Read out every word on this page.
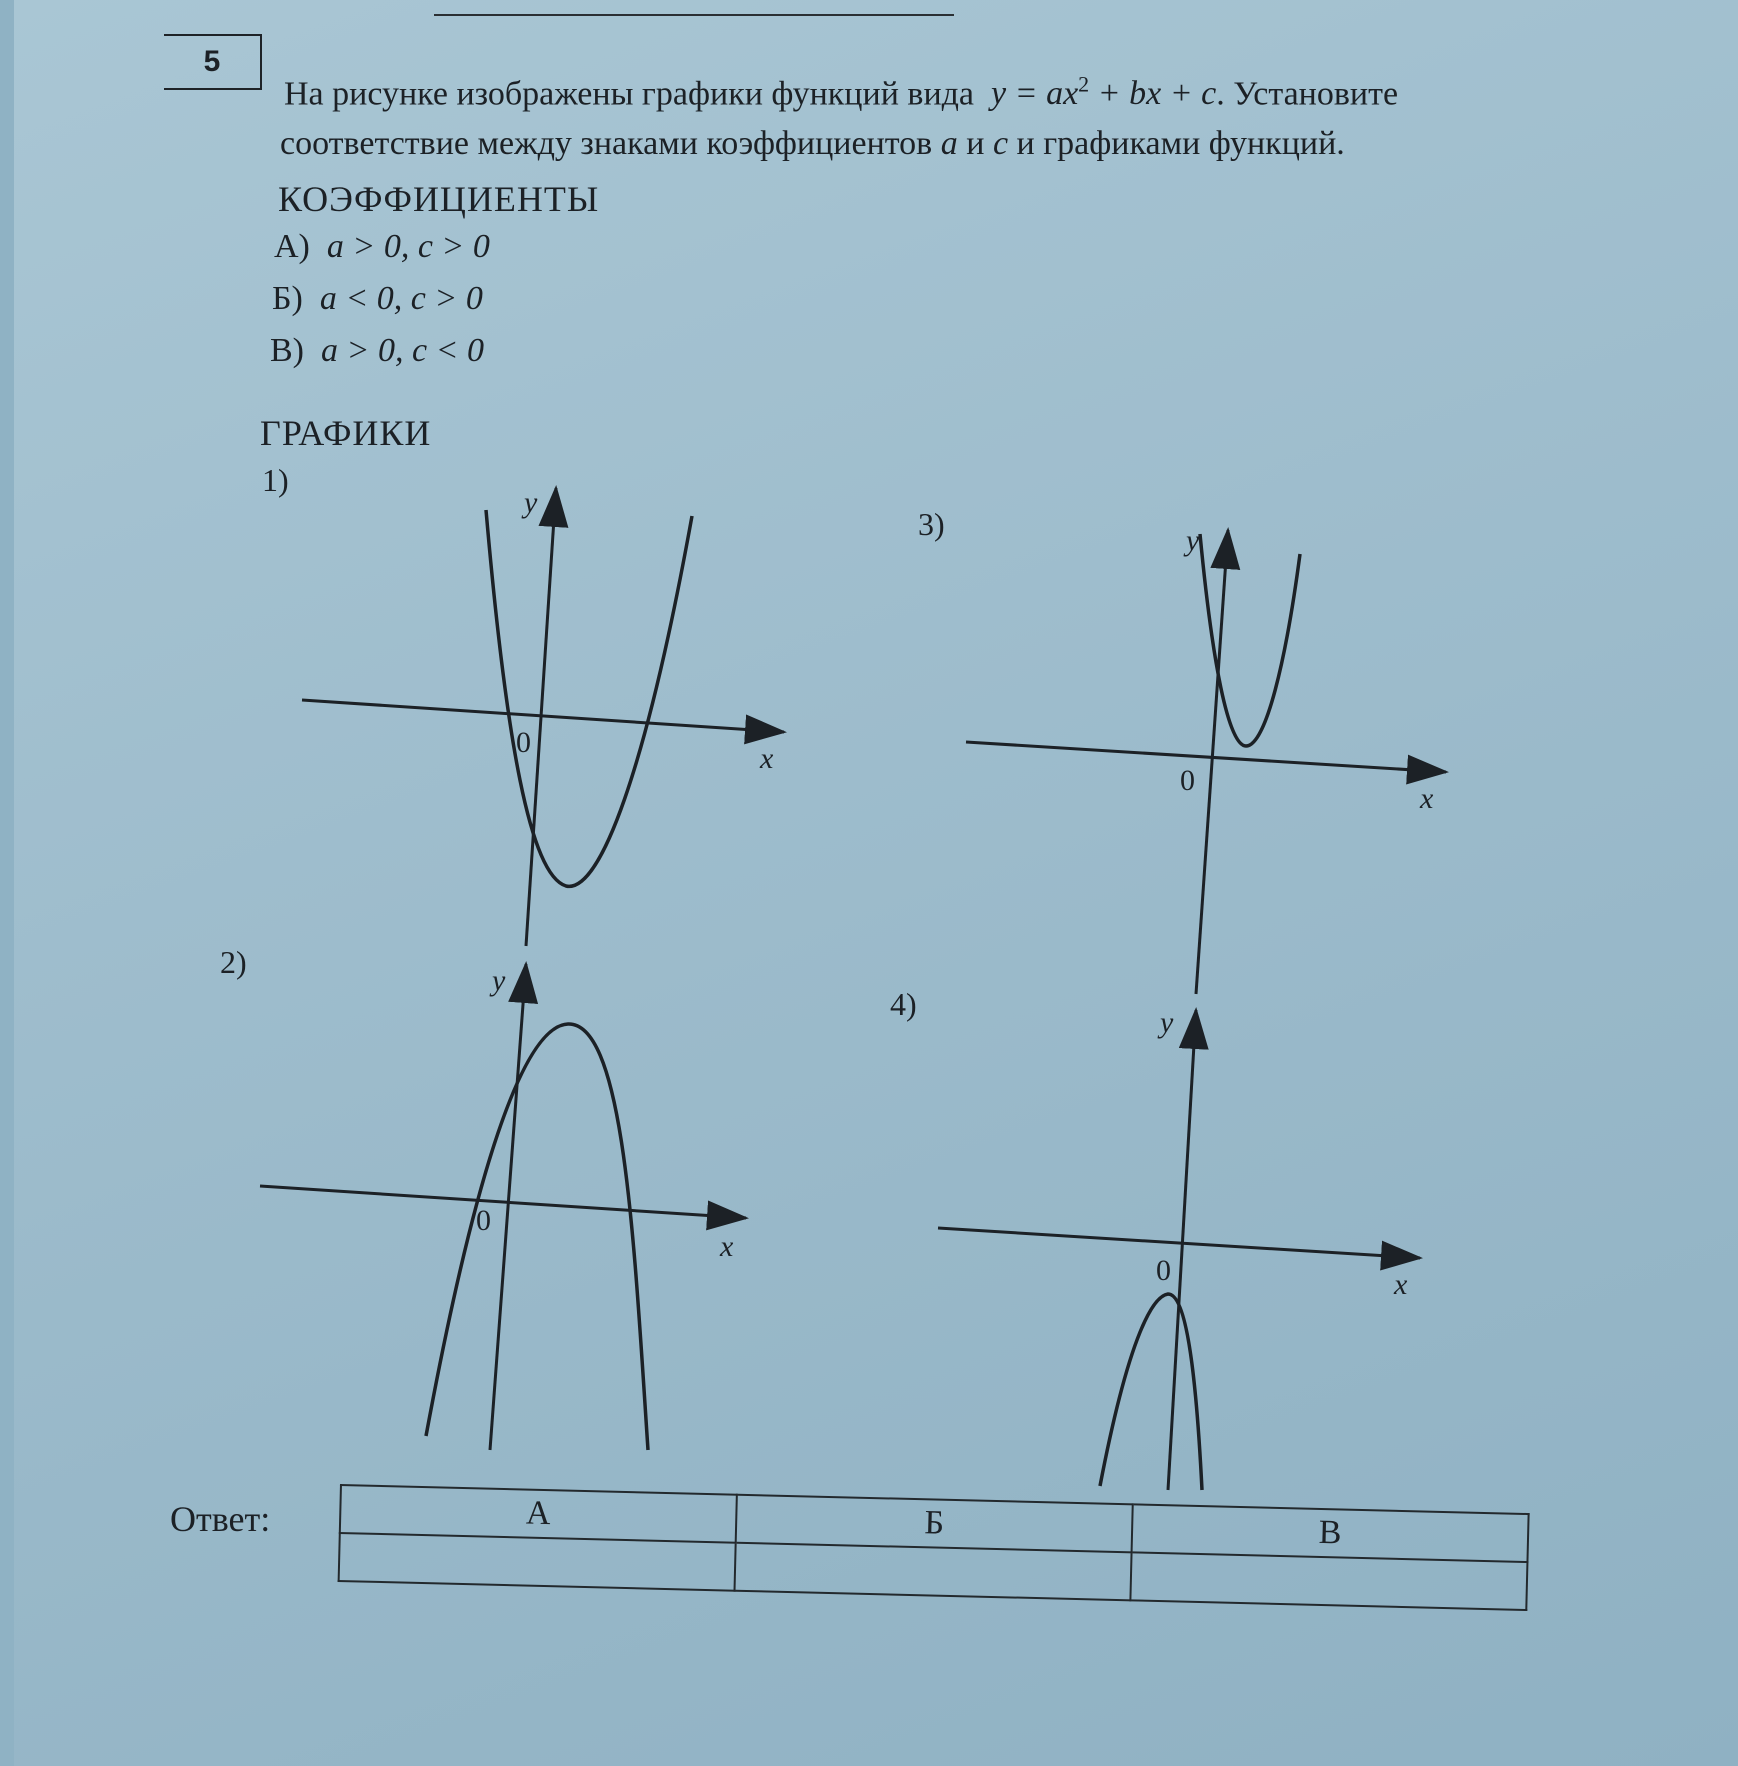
5
На рисунке изображены графики функций вида $y = ax^2$ + bx + c. Установите
соответствие между знаками коэффициентов a и c и графиками функций.
КОЭФФИЦИЕНТЫ
А) a > 0, c > 0
Б) a < 0, c > 0
В) a > 0, c < 0
ГРАФИКИ
1)
2)
3)
4)
0	x
y
0
x
y
0
x
y
0	x
y
Ответ:	А	Б	В
